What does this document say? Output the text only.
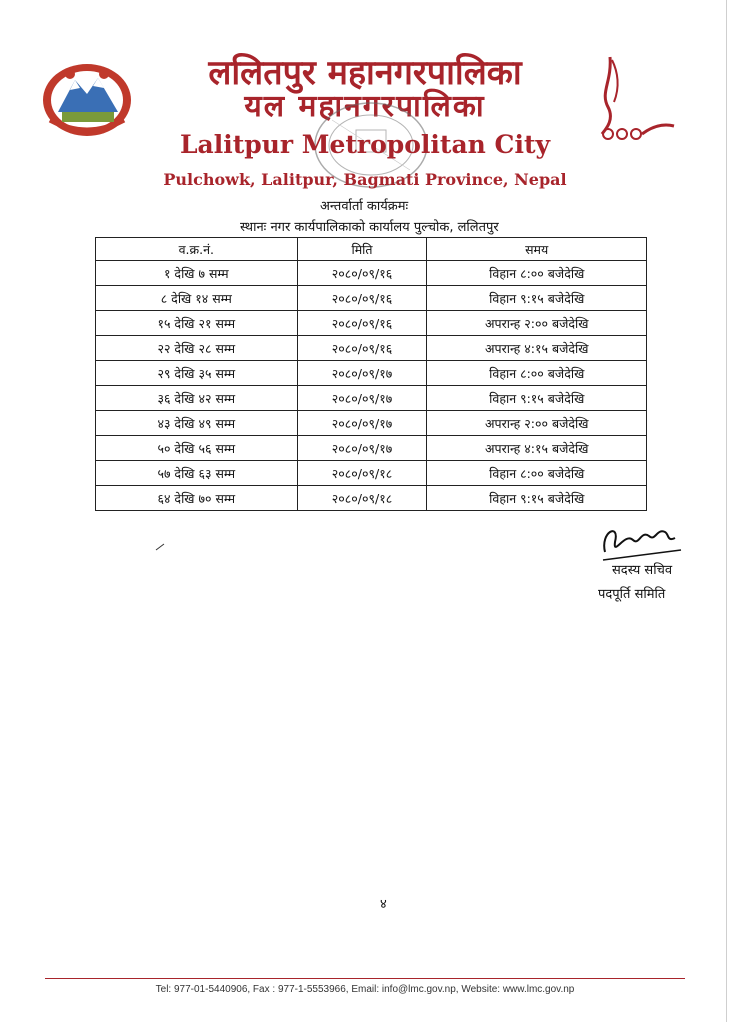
ललितपुर महानगरपालिका
यल महानगरपालिका
Lalitpur Metropolitan City
Pulchowk, Lalitpur, Bagmati Province, Nepal
अन्तर्वार्ता कार्यक्रमः
स्थानः नगर कार्यपालिकाको कार्यालय पुल्चोक, ललितपुर
व.क्र.नं.	मिति	समय
१ देखि ७ सम्म	२०८०/०९/१६	विहान ८:०० बजेदेखि
८ देखि १४ सम्म	२०८०/०९/१६	विहान ९:१५ बजेदेखि
१५ देखि २१ सम्म	२०८०/०९/१६	अपरान्ह २:०० बजेदेखि
२२ देखि २८ सम्म	२०८०/०९/१६	अपरान्ह ४:१५ बजेदेखि
२९ देखि ३५ सम्म	२०८०/०९/१७	विहान ८:०० बजेदेखि
३६ देखि ४२ सम्म	२०८०/०९/१७	विहान ९:१५ बजेदेखि
४३ देखि ४९ सम्म	२०८०/०९/१७	अपरान्ह २:०० बजेदेखि
५० देखि ५६ सम्म	२०८०/०९/१७	अपरान्ह ४:१५ बजेदेखि
५७ देखि ६३ सम्म	२०८०/०९/१८	विहान ८:०० बजेदेखि
६४ देखि ७० सम्म	२०८०/०९/१८	विहान ९:१५ बजेदेखि
सदस्य सचिव
पदपूर्ति समिति
४
Tel: 977-01-5440906, Fax : 977-1-5553966, Email: info@lmc.gov.np, Website: www.lmc.gov.np
